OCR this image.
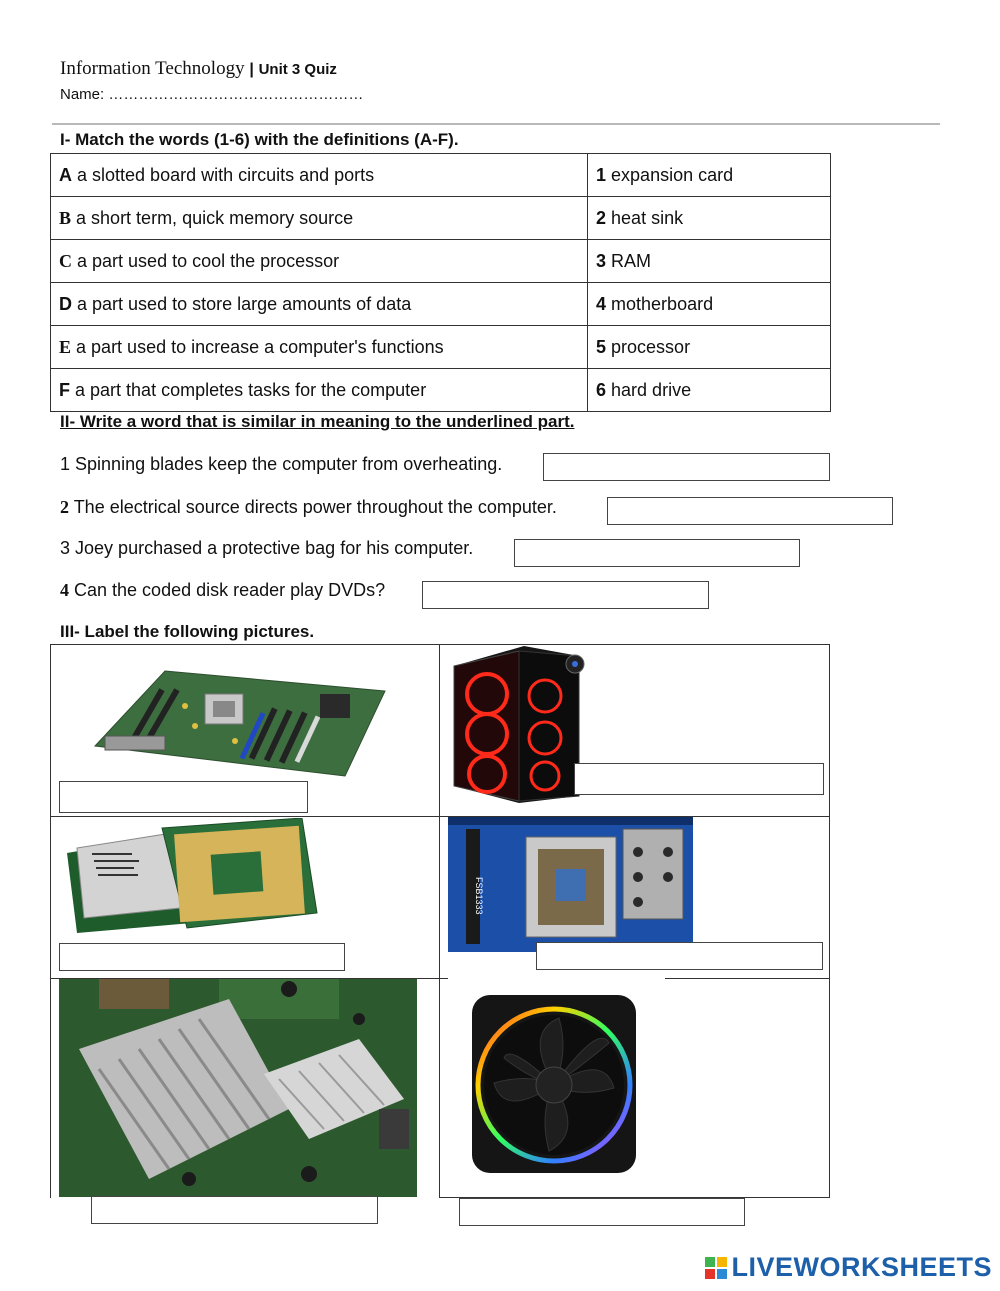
Information Technology | Unit 3 Quiz
Name: ……………………………………………
I- Match the words (1-6) with the definitions (A-F).
A a slotted board with circuits and ports	1 expansion card
B a short term, quick memory source	2 heat sink
C a part used to cool the processor	3 RAM
D a part used to store large amounts of data	4 motherboard
E a part used to increase a computer's functions	5 processor
F a part that completes tasks for the computer	6 hard drive
II- Write a word that is similar in meaning to the underlined part.
1 Spinning blades keep the computer from overheating.
2 The electrical source directs power throughout the computer.
3 Joey purchased a protective bag for his computer.
4 Can the coded disk reader play DVDs?
III- Label the following pictures.
FSB1333
LIVEWORKSHEETS
